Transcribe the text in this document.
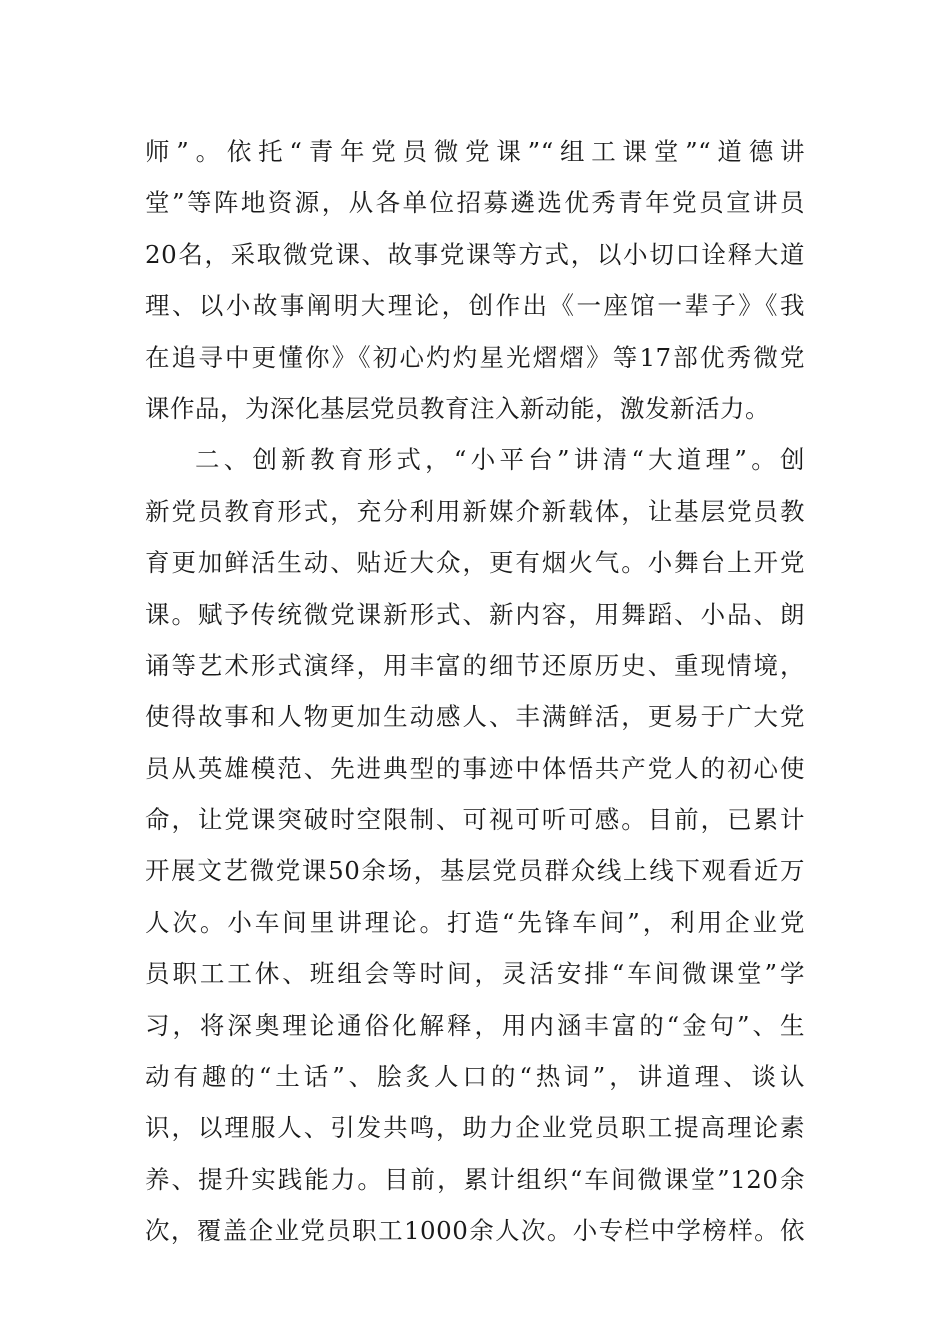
师”。依托“青年党员微党课”“组工课堂”“道德讲
堂”等阵地资源，从各单位招募遴选优秀青年党员宣讲员
20名，采取微党课、故事党课等方式，以小切口诠释大道
理、以小故事阐明大理论，创作出《一座馆一辈子》《我
在追寻中更懂你》《初心灼灼星光熠熠》等17部优秀微党
课作品，为深化基层党员教育注入新动能，激发新活力。
二、创新教育形式，“小平台”讲清“大道理”。创
新党员教育形式，充分利用新媒介新载体，让基层党员教
育更加鲜活生动、贴近大众，更有烟火气。小舞台上开党
课。赋予传统微党课新形式、新内容，用舞蹈、小品、朗
诵等艺术形式演绎，用丰富的细节还原历史、重现情境，
使得故事和人物更加生动感人、丰满鲜活，更易于广大党
员从英雄模范、先进典型的事迹中体悟共产党人的初心使
命，让党课突破时空限制、可视可听可感。目前，已累计
开展文艺微党课50余场，基层党员群众线上线下观看近万
人次。小车间里讲理论。打造“先锋车间”，利用企业党
员职工工休、班组会等时间，灵活安排“车间微课堂”学
习，将深奥理论通俗化解释，用内涵丰富的“金句”、生
动有趣的“土话”、脍炙人口的“热词”，讲道理、谈认
识，以理服人、引发共鸣，助力企业党员职工提高理论素
养、提升实践能力。目前，累计组织“车间微课堂”120余
次，覆盖企业党员职工1000余人次。小专栏中学榜样。依
